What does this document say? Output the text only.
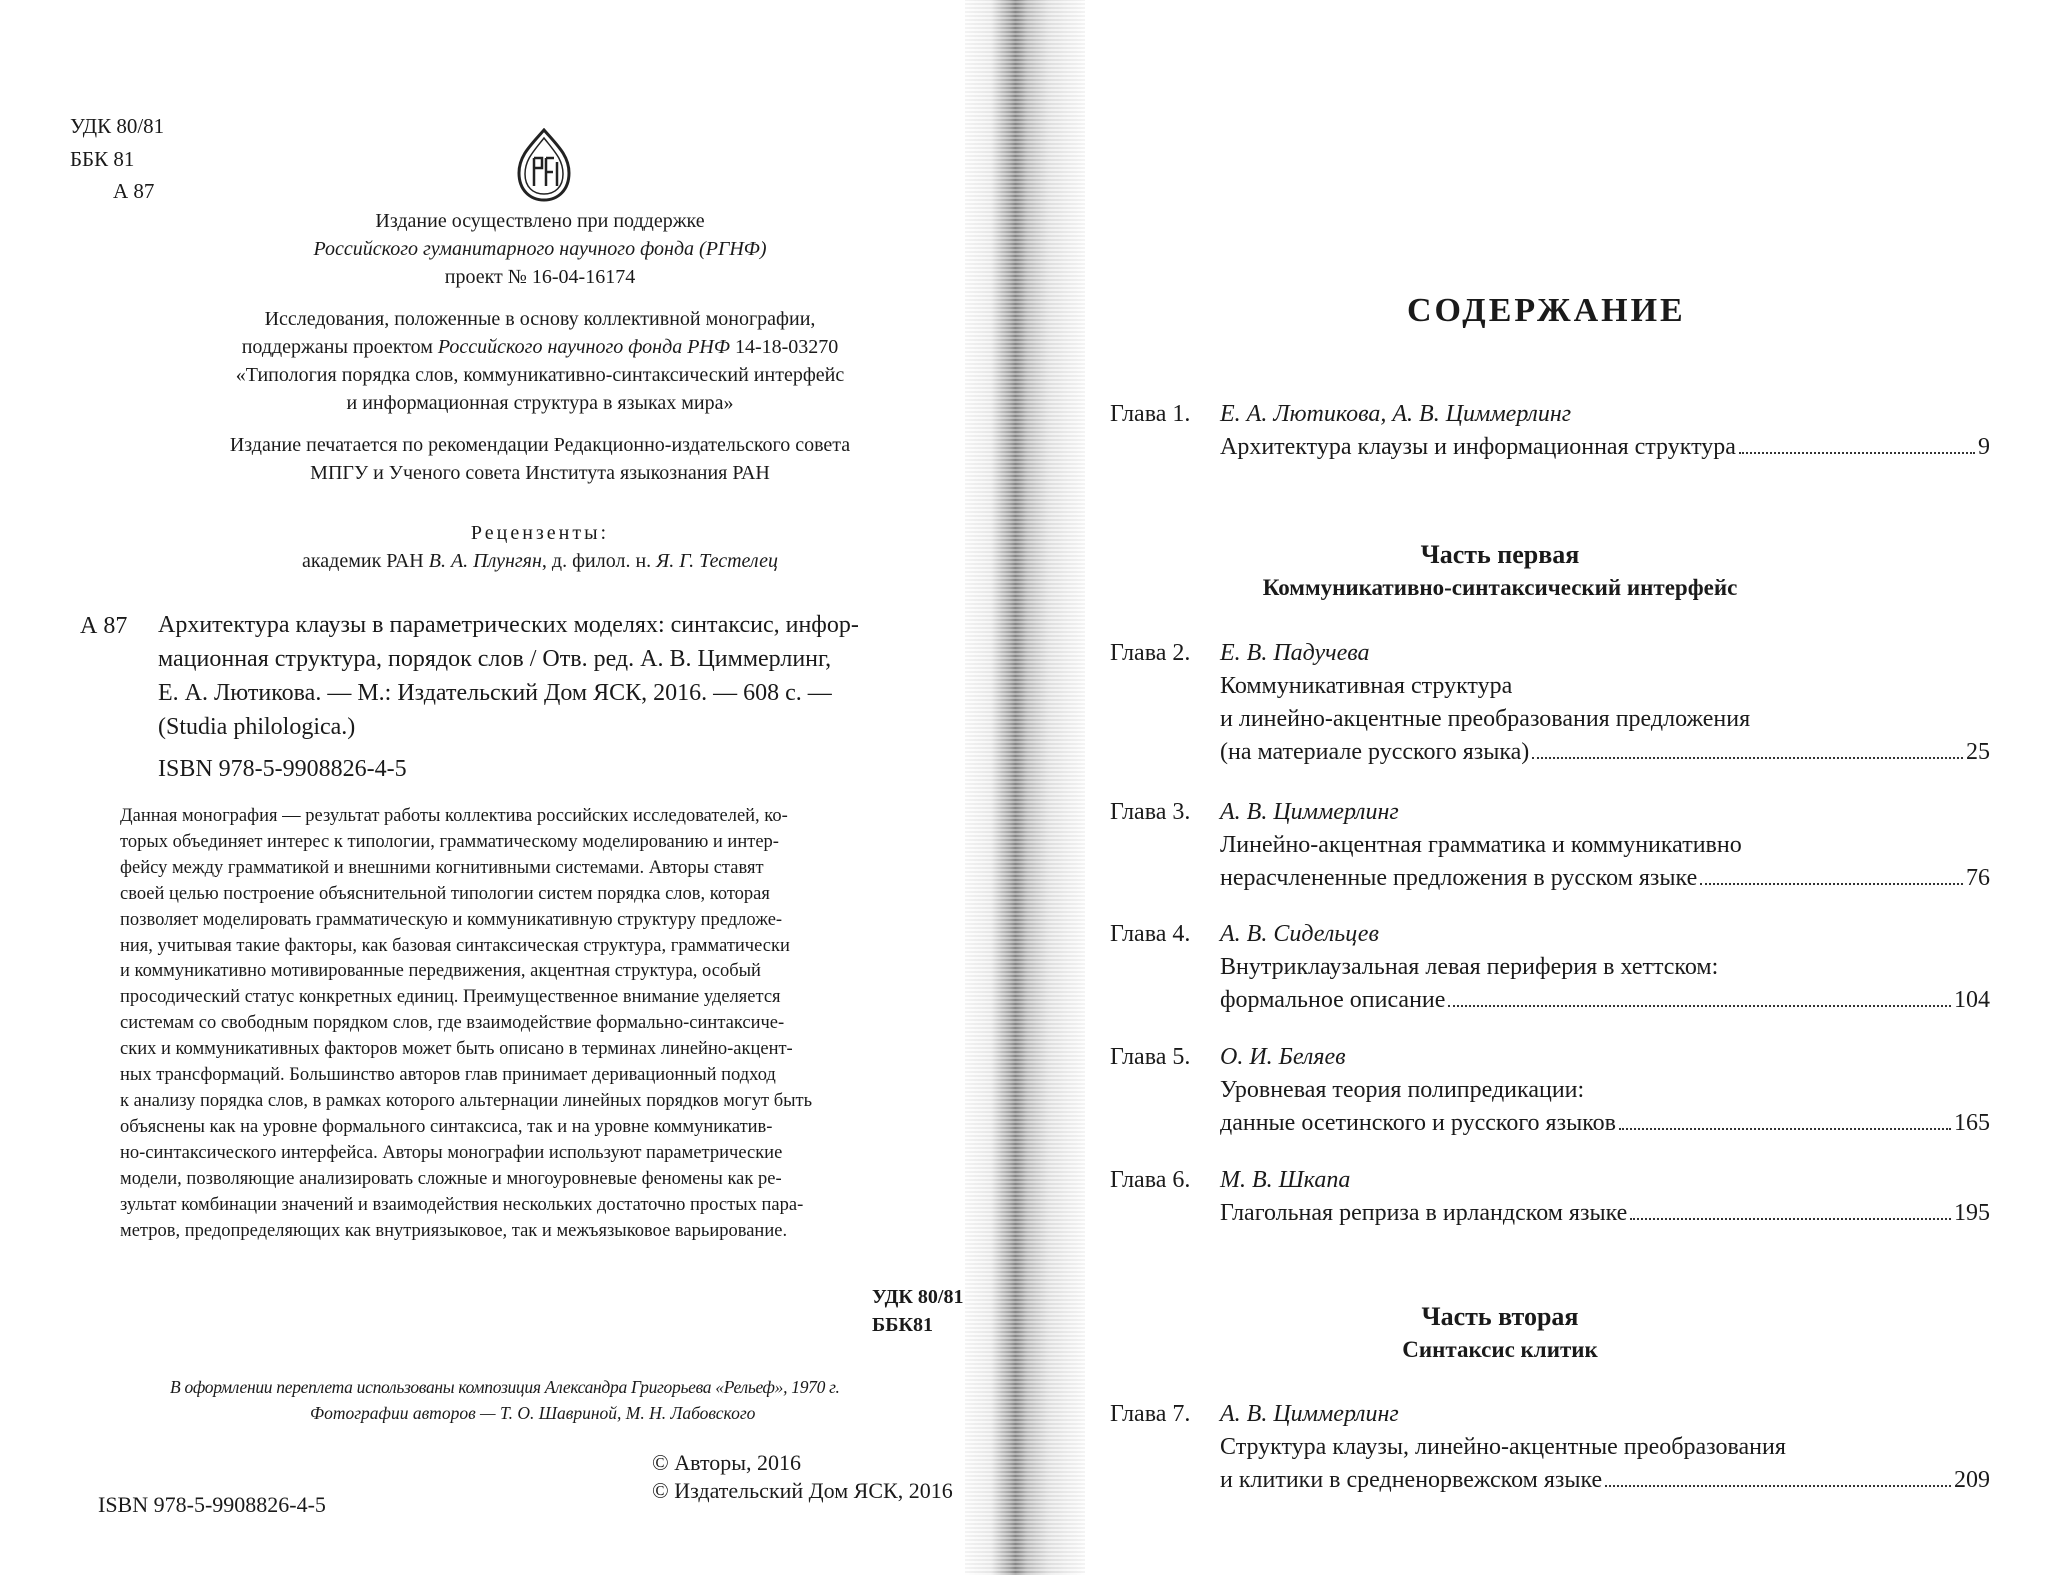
УДК 80/81
ББК 81
А 87
Издание осуществлено при поддержке
Российского гуманитарного научного фонда (РГНФ)
проект № 16-04-16174
Исследования, положенные в основу коллективной монографии,
поддержаны проектом Российского научного фонда РНФ 14-18-03270
«Типология порядка слов, коммуникативно-синтаксический интерфейс
и информационная структура в языках мира»
Издание печатается по рекомендации Редакционно-издательского совета
МПГУ и Ученого совета Института языкознания РАН
Рецензенты:
академик РАН В. А. Плунгян, д. филол. н. Я. Г. Тестелец
А 87 Архитектура клаузы в параметрических моделях: синтаксис, инфор-
мационная структура, порядок слов / Отв. ред. А. В. Циммерлинг,
Е. А. Лютикова. — М.: Издательский Дом ЯСК, 2016. — 608 с. —
(Studia philologica.)
ISBN 978-5-9908826-4-5
Данная монография — результат работы коллектива российских исследователей, ко-
торых объединяет интерес к типологии, грамматическому моделированию и интер-
фейсу между грамматикой и внешними когнитивными системами. Авторы ставят
своей целью построение объяснительной типологии систем порядка слов, которая
позволяет моделировать грамматическую и коммуникативную структуру предложе-
ния, учитывая такие факторы, как базовая синтаксическая структура, грамматически
и коммуникативно мотивированные передвижения, акцентная структура, особый
просодический статус конкретных единиц. Преимущественное внимание уделяется
системам со свободным порядком слов, где взаимодействие формально-синтаксиче-
ских и коммуникативных факторов может быть описано в терминах линейно-акцент-
ных трансформаций. Большинство авторов глав принимает деривационный подход
к анализу порядка слов, в рамках которого альтернации линейных порядков могут быть
объяснены как на уровне формального синтаксиса, так и на уровне коммуникатив-
но-синтаксического интерфейса. Авторы монографии используют параметрические
модели, позволяющие анализировать сложные и многоуровневые феномены как ре-
зультат комбинации значений и взаимодействия нескольких достаточно простых пара-
метров, предопределяющих как внутриязыковое, так и межъязыковое варьирование.
УДК 80/81
ББК81
В оформлении переплета использованы композиция Александра Григорьева «Рельеф», 1970 г.
Фотографии авторов — Т. О. Шавриной, М. Н. Лабовского
© Авторы, 2016
© Издательский Дом ЯСК, 2016
ISBN 978-5-9908826-4-5
СОДЕРЖАНИЕ
Глава 1. Е. А. Лютикова, А. В. Циммерлинг
Архитектура клаузы и информационная структура	9
Часть первая
Коммуникативно-синтаксический интерфейс
Глава 2. Е. В. Падучева
Коммуникативная структура
и линейно-акцентные преобразования предложения
(на материале русского языка)	25
Глава 3. А. В. Циммерлинг
Линейно-акцентная грамматика и коммуникативно
нерасчлененные предложения в русском языке	76
Глава 4. А. В. Сидельцев
Внутриклаузальная левая периферия в хеттском:
формальное описание	104
Глава 5. О. И. Беляев
Уровневая теория полипредикации:
данные осетинского и русского языков	165
Глава 6. М. В. Шкапа
Глагольная реприза в ирландском языке	195
Часть вторая
Синтаксис клитик
Глава 7. А. В. Циммерлинг
Структура клаузы, линейно-акцентные преобразования
и клитики в средненорвежском языке	209
